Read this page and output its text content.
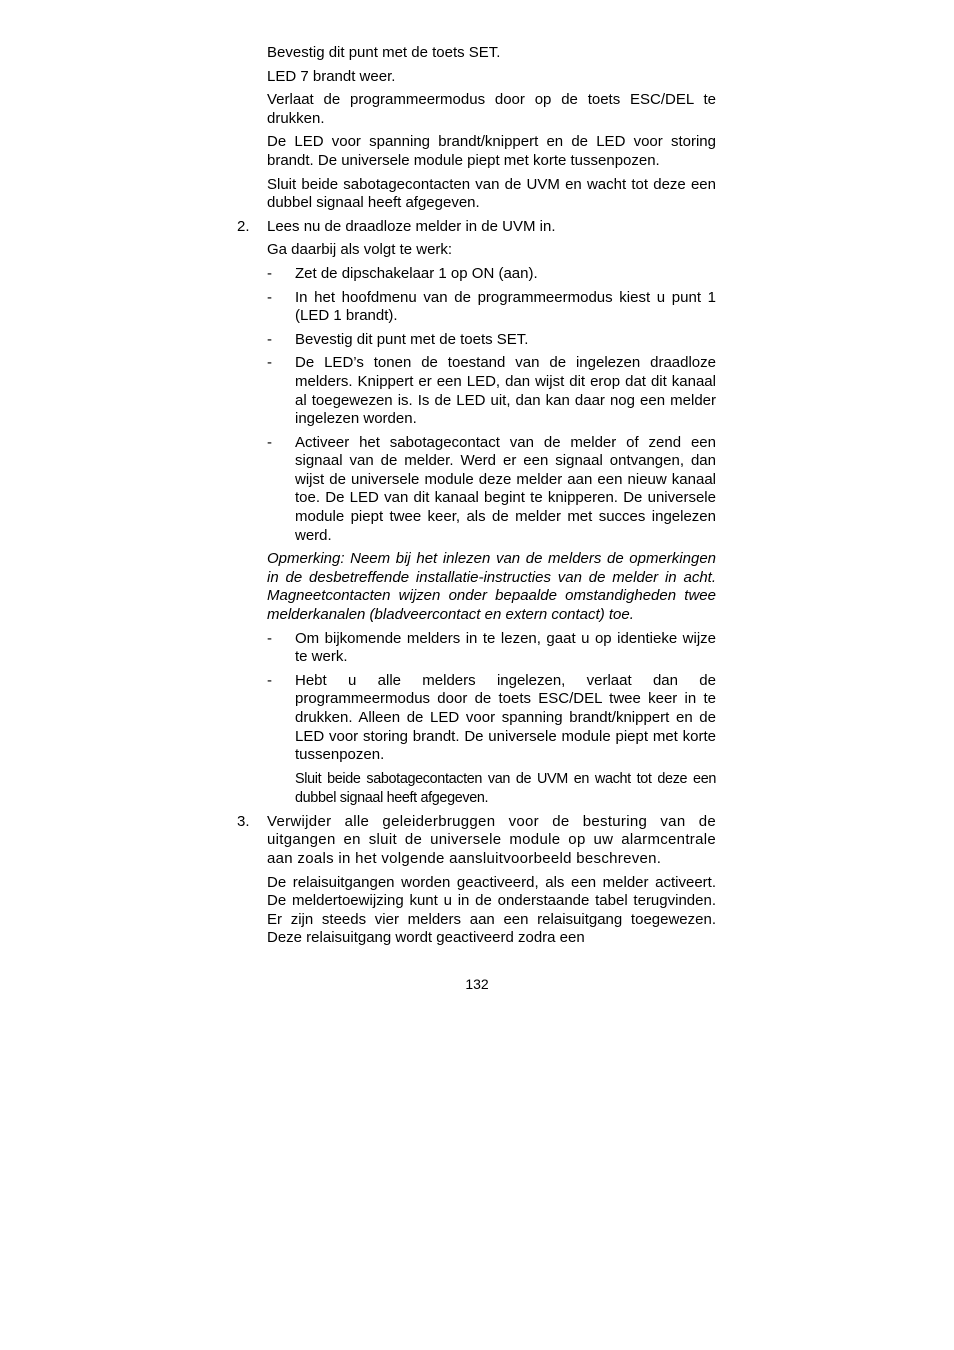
Bevestig dit punt met de toets SET.

LED 7 brandt weer.

Verlaat de programmeermodus door op de toets ESC/DEL te drukken.

De LED voor spanning brandt/knippert en de LED voor storing brandt. De universele module piept met korte tussenpozen.

Sluit beide sabotagecontacten van de UVM en wacht tot deze een dubbel signaal heeft afgegeven.

2. Lees nu de draadloze melder in de UVM in.

Ga daarbij als volgt te werk:

- Zet de dipschakelaar 1 op ON (aan).
- In het hoofdmenu van de programmeermodus kiest u punt 1 (LED 1 brandt).
- Bevestig dit punt met de toets SET.
- De LED’s tonen de toestand van de ingelezen draadloze melders. Knippert er een LED, dan wijst dit erop dat dit kanaal al toegewezen is. Is de LED uit, dan kan daar nog een melder ingelezen worden.
- Activeer het sabotagecontact van de melder of zend een signaal van de melder. Werd er een signaal ontvangen, dan wijst de universele module deze melder aan een nieuw kanaal toe. De LED van dit kanaal begint te knipperen. De universele module piept twee keer, als de melder met succes ingelezen werd.

Opmerking: Neem bij het inlezen van de melders de opmerkingen in de desbetreffende installatie-instructies van de melder in acht. Magneetcontacten wijzen onder bepaalde omstandigheden twee melderkanalen (bladveercontact en extern contact) toe.

- Om bijkomende melders in te lezen, gaat u op identieke wijze te werk.
- Hebt u alle melders ingelezen, verlaat dan de programmeermodus door de toets ESC/DEL twee keer in te drukken. Alleen de LED voor spanning brandt/knippert en de LED voor storing brandt. De universele module piept met korte tussenpozen.

Sluit beide sabotagecontacten van de UVM en wacht tot deze een dubbel signaal heeft afgegeven.

3. Verwijder alle geleiderbruggen voor de besturing van de uitgangen en sluit de universele module op uw alarmcentrale aan zoals in het volgende aansluitvoorbeeld beschreven.

De relaisuitgangen worden geactiveerd, als een melder activeert. De meldertoewijzing kunt u in de onderstaande tabel terugvinden. Er zijn steeds vier melders aan een relaisuitgang toegewezen. Deze relaisuitgang wordt geactiveerd zodra een

132
